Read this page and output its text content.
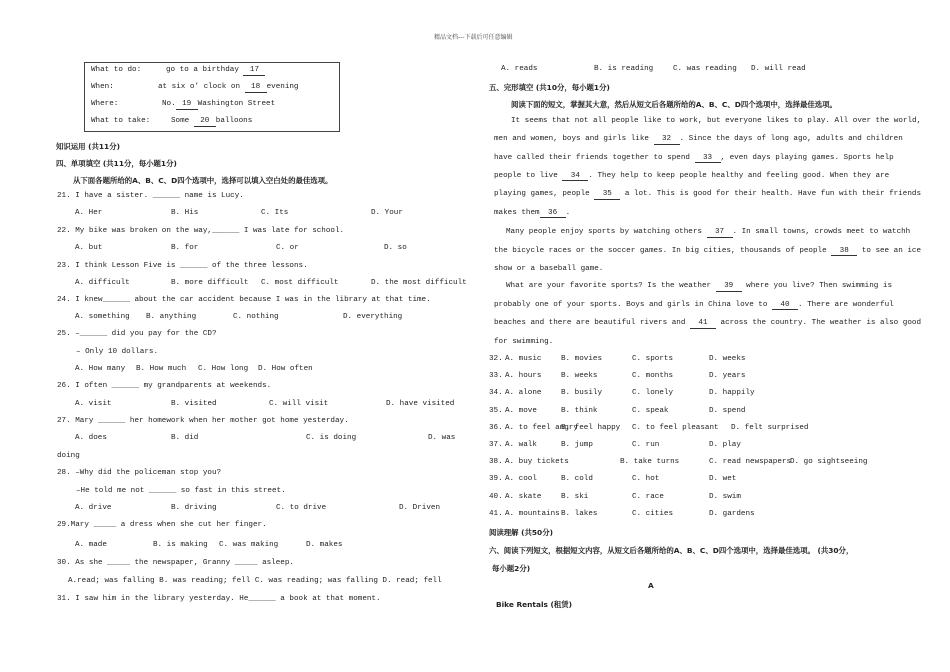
精品文档---下载后可任意编辑
What to do:	go to a birthday 17
When:	at six o’ clock on 18 evening
Where:	No. 19 Washington Street
What to take:	Some 20 balloons
知识运用 (共11分)
四、单项填空 (共11分，每小题1分)
从下面各题所给的A、B、C、D四个选项中，选择可以填入空白处的最佳选项。
21. I have a sister. ______ name is Lucy.
A. Her	B. His	C. Its	D. Your
22. My bike was broken on the way,______ I was late for school.
A. but	B. for	C. or	D. so
23. I think Lesson Five is ______ of the three lessons.
A. difficult	B. more difficult C. most difficult	D. the most difficult
24. I knew______ about the car accident because I was in the library at that time.
A. something B. anything	C. nothing	D. everything
25. –______ did you pay for the CD?
– Only 10 dollars.
A. How many B. How much C. How long D. How often
26. I often ______ my grandparents at weekends.
A. visit	B. visited	C. will visit	D. have visited
27. Mary ______ her homework when her mother got home yesterday.
A. does	B. did	C. is doing	D. was
doing
28. –Why did the policeman stop you?
–He told me not ______ so fast in this street.
A. drive	B. driving	C. to drive	D. Driven
29.Mary _____ a dress when she cut her finger.
A. made	B. is making C. was making	D. makes
30. As she _____ the newspaper, Granny _____ asleep.
A.read; was falling B. was reading; fell C. was reading; was falling D. read; fell
31. I saw him in the library yesterday. He______ a book at that moment.
A. reads	B. is reading	C. was reading D. will read
五、完形填空 (共10分，每小题1分)
阅读下面的短文，掌握其大意，然后从短文后各题所给的A、B、C、D四个选项中，选择最佳选项。
It seems that not all people like to work, but everyone likes to play. All over the world,
men and women, boys and girls like 32 . Since the days of long ago, adults and children
have called their friends together to spend 33 , even days playing games. Sports help
people to live 34 . They help to keep people healthy and feeling good. When they are
playing games, people 35 a lot. This is good for their health. Have fun with their friends
makes them 36 .
Many people enjoy sports by watching others 37 . In small towns, crowds meet to watchh
the bicycle races or the soccer games. In big cities, thousands of people 38 to see an ice
show or a baseball game.
What are your favorite sports? Is the weather 39 where you live? Then swimming is
probably one of your sports. Boys and girls in China love to 40 . There are wonderful
beaches and there are beautiful rivers and 41 across the country. The weather is also good
for swimming.
32. A. music	B. movies	C. sports	D. weeks
33. A. hours	B. weeks	C. months	D. years
34. A. alone	B. busily	C. lonely	D. happily
35. A. move	B. think	C. speak	D. spend
36. A. to feel angry
B. feel happy C. to feel pleasant D. felt surprised
37. A. walk	B. jump	C. run	D. play
38. A. buy tickets	B. take turns	C. read newspapers
D. go sightseeing
39. A. cool	B. cold	C. hot	D. wet
40. A. skate	B. ski	C. race	D. swim
41. A. mountains B. lakes	C. cities	D. gardens
阅读理解 (共50分)
六、阅读下列短文，根据短文内容，从短文后各题所给的A、B、C、D四个选项中，选择最佳选项。 (共30分，
每小题2分)
A
Bike Rentals (租赁)
